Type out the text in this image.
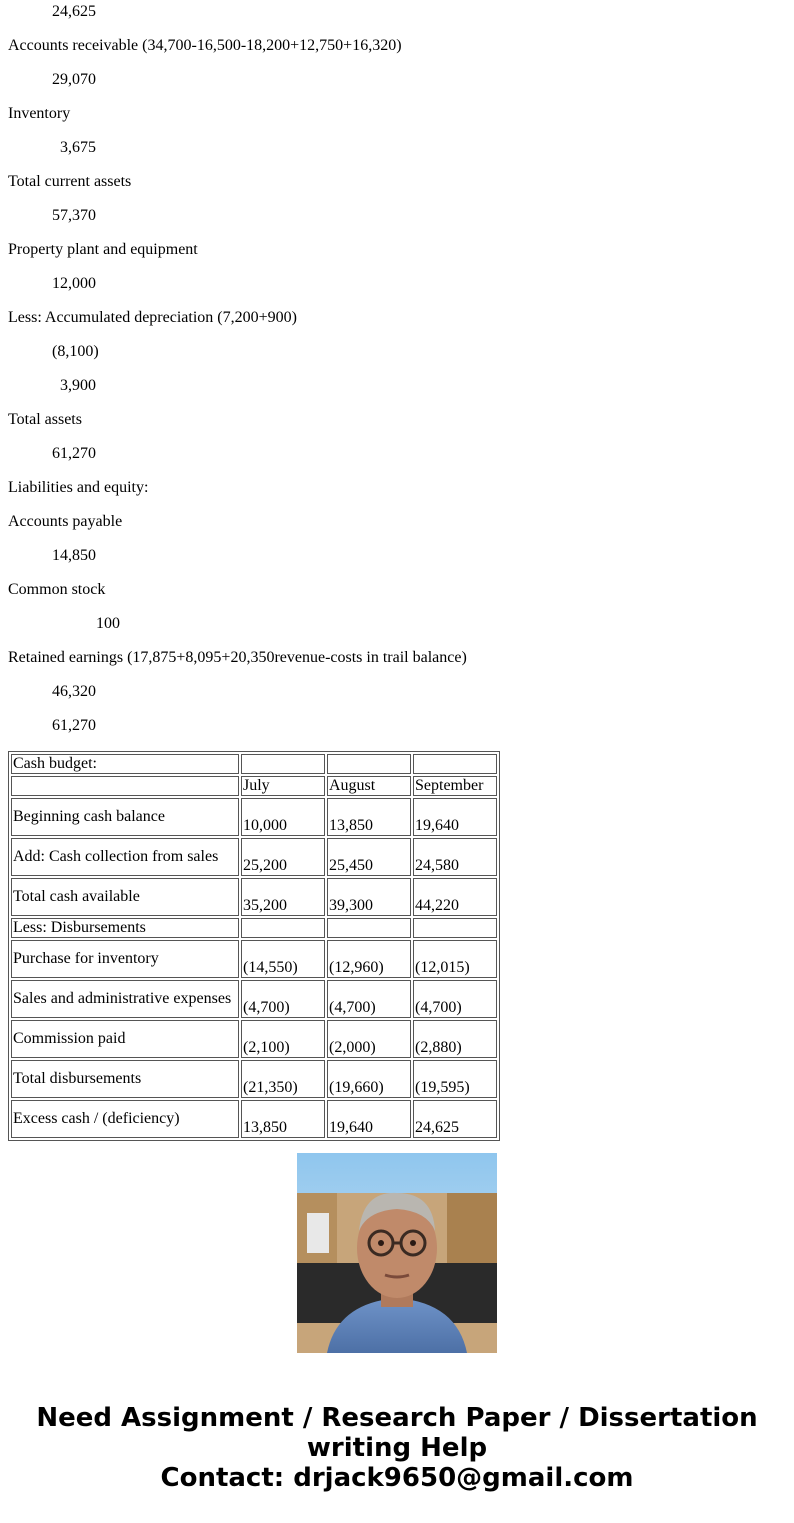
24,625
Accounts receivable (34,700-16,500-18,200+12,750+16,320)
29,070
Inventory
3,675
Total current assets
57,370
Property plant and equipment
12,000
Less: Accumulated depreciation (7,200+900)
(8,100)
3,900
Total assets
61,270
Liabilities and equity:
Accounts payable
14,850
Common stock
100
Retained earnings (17,875+8,095+20,350revenue-costs in trail balance)
46,320
61,270
Cash budget:			
	July	August	September
Beginning cash balance	10,000	13,850	19,640
Add: Cash collection from sales	25,200	25,450	24,580
Total cash available	35,200	39,300	44,220
Less: Disbursements			
Purchase for inventory	(14,550)	(12,960)	(12,015)
Sales and administrative expenses	(4,700)	(4,700)	(4,700)
Commission paid	(2,100)	(2,000)	(2,880)
Total disbursements	(21,350)	(19,660)	(19,595)
Excess cash / (deficiency)	13,850	19,640	24,625
Need Assignment / Research Paper / Dissertation
writing Help
Contact: drjack9650@gmail.com
